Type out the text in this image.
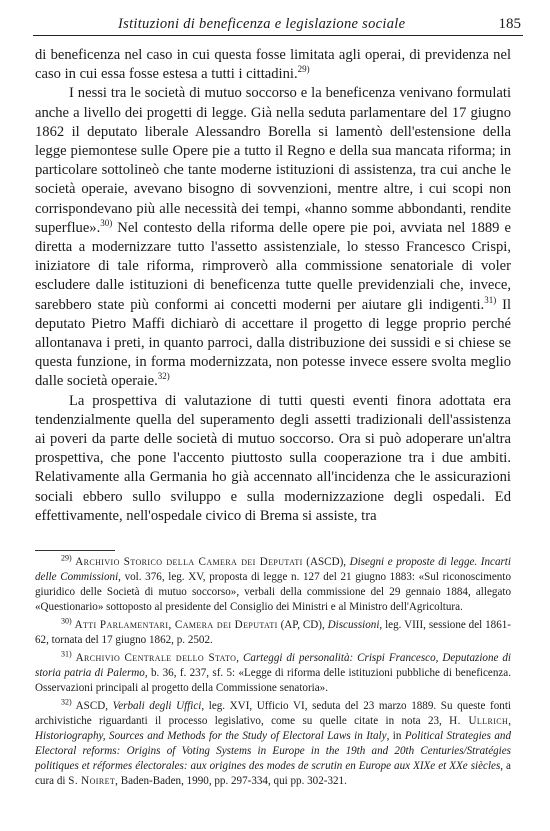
Istituzioni di beneficenza e legislazione sociale	185

di beneficenza nel caso in cui questa fosse limitata agli operai, di previdenza nel caso in cui essa fosse estesa a tutti i cittadini.$^{29)}$

I nessi tra le società di mutuo soccorso e la beneficenza venivano formulati anche a livello dei progetti di legge. Già nella seduta parlamentare del 17 giugno 1862 il deputato liberale Alessandro Borella si lamentò dell'estensione della legge piemontese sulle Opere pie a tutto il Regno e della sua mancata riforma; in particolare sottolineò che tante moderne istituzioni di assistenza, tra cui anche le società operaie, avevano bisogno di sovvenzioni, mentre altre, i cui scopi non corrispondevano più alle necessità dei tempi, «hanno somme abbondanti, rendite superflue».$^{30)}$ Nel contesto della riforma delle opere pie poi, avviata nel 1889 e diretta a modernizzare tutto l'assetto assistenziale, lo stesso Francesco Crispi, iniziatore di tale riforma, rimproverò alla commissione senatoriale di voler escludere dalle istituzioni di beneficenza tutte quelle previdenziali che, invece, sarebbero state più conformi ai concetti moderni per aiutare gli indigenti.$^{31)}$ Il deputato Pietro Maffi dichiarò di accettare il progetto di legge proprio perché allontanava i preti, in quanto parroci, dalla distribuzione dei sussidi e si chiese se questa funzione, in forma modernizzata, non potesse invece essere svolta meglio dalle società operaie.$^{32)}$

La prospettiva di valutazione di tutti questi eventi finora adottata era tendenzialmente quella del superamento degli assetti tradizionali dell'assistenza ai poveri da parte delle società di mutuo soccorso. Ora si può adoperare un'altra prospettiva, che pone l'accento piuttosto sulla cooperazione tra i due ambiti. Relativamente alla Germania ho già accennato all'incidenza che le assicurazioni sociali ebbero sullo sviluppo e sulla modernizzazione degli ospedali. Ed effettivamente, nell'ospedale civico di Brema si assiste, tra

$^{29)}$ Archivio Storico della Camera dei Deputati (ASCD), Disegni e proposte di legge. Incarti delle Commissioni, vol. 376, leg. XV, proposta di legge n. 127 del 21 giugno 1883: «Sul riconoscimento giuridico delle Società di mutuo soccorso», verbali della commissione del 29 gennaio 1884, allegato «Questionario» sottoposto al presidente del Consiglio dei Ministri e al Ministro dell'Agricoltura.

$^{30)}$ Atti Parlamentari, Camera dei Deputati (AP, CD), Discussioni, leg. VIII, sessione del 1861-62, tornata del 17 giugno 1862, p. 2502.

$^{31)}$ Archivio Centrale dello Stato, Carteggi di personalità: Crispi Francesco, Deputazione di storia patria di Palermo, b. 36, f. 237, sf. 5: «Legge di riforma delle istituzioni pubbliche di beneficenza. Osservazioni principali al progetto della Commissione senatoria».

$^{32)}$ ASCD, Verbali degli Uffici, leg. XVI, Ufficio VI, seduta del 23 marzo 1889. Su queste fonti archivistiche riguardanti il processo legislativo, come su quelle citate in nota 23, H. Ullrich, Historiography, Sources and Methods for the Study of Electoral Laws in Italy, in Political Strategies and Electoral reforms: Origins of Voting Systems in Europe in the 19th and 20th Centuries/Stratégies politiques et réformes électorales: aux origines des modes de scrutin en Europe aux XIXe et XXe siècles, a cura di S. Noiret, Baden-Baden, 1990, pp. 297-334, qui pp. 302-321.
